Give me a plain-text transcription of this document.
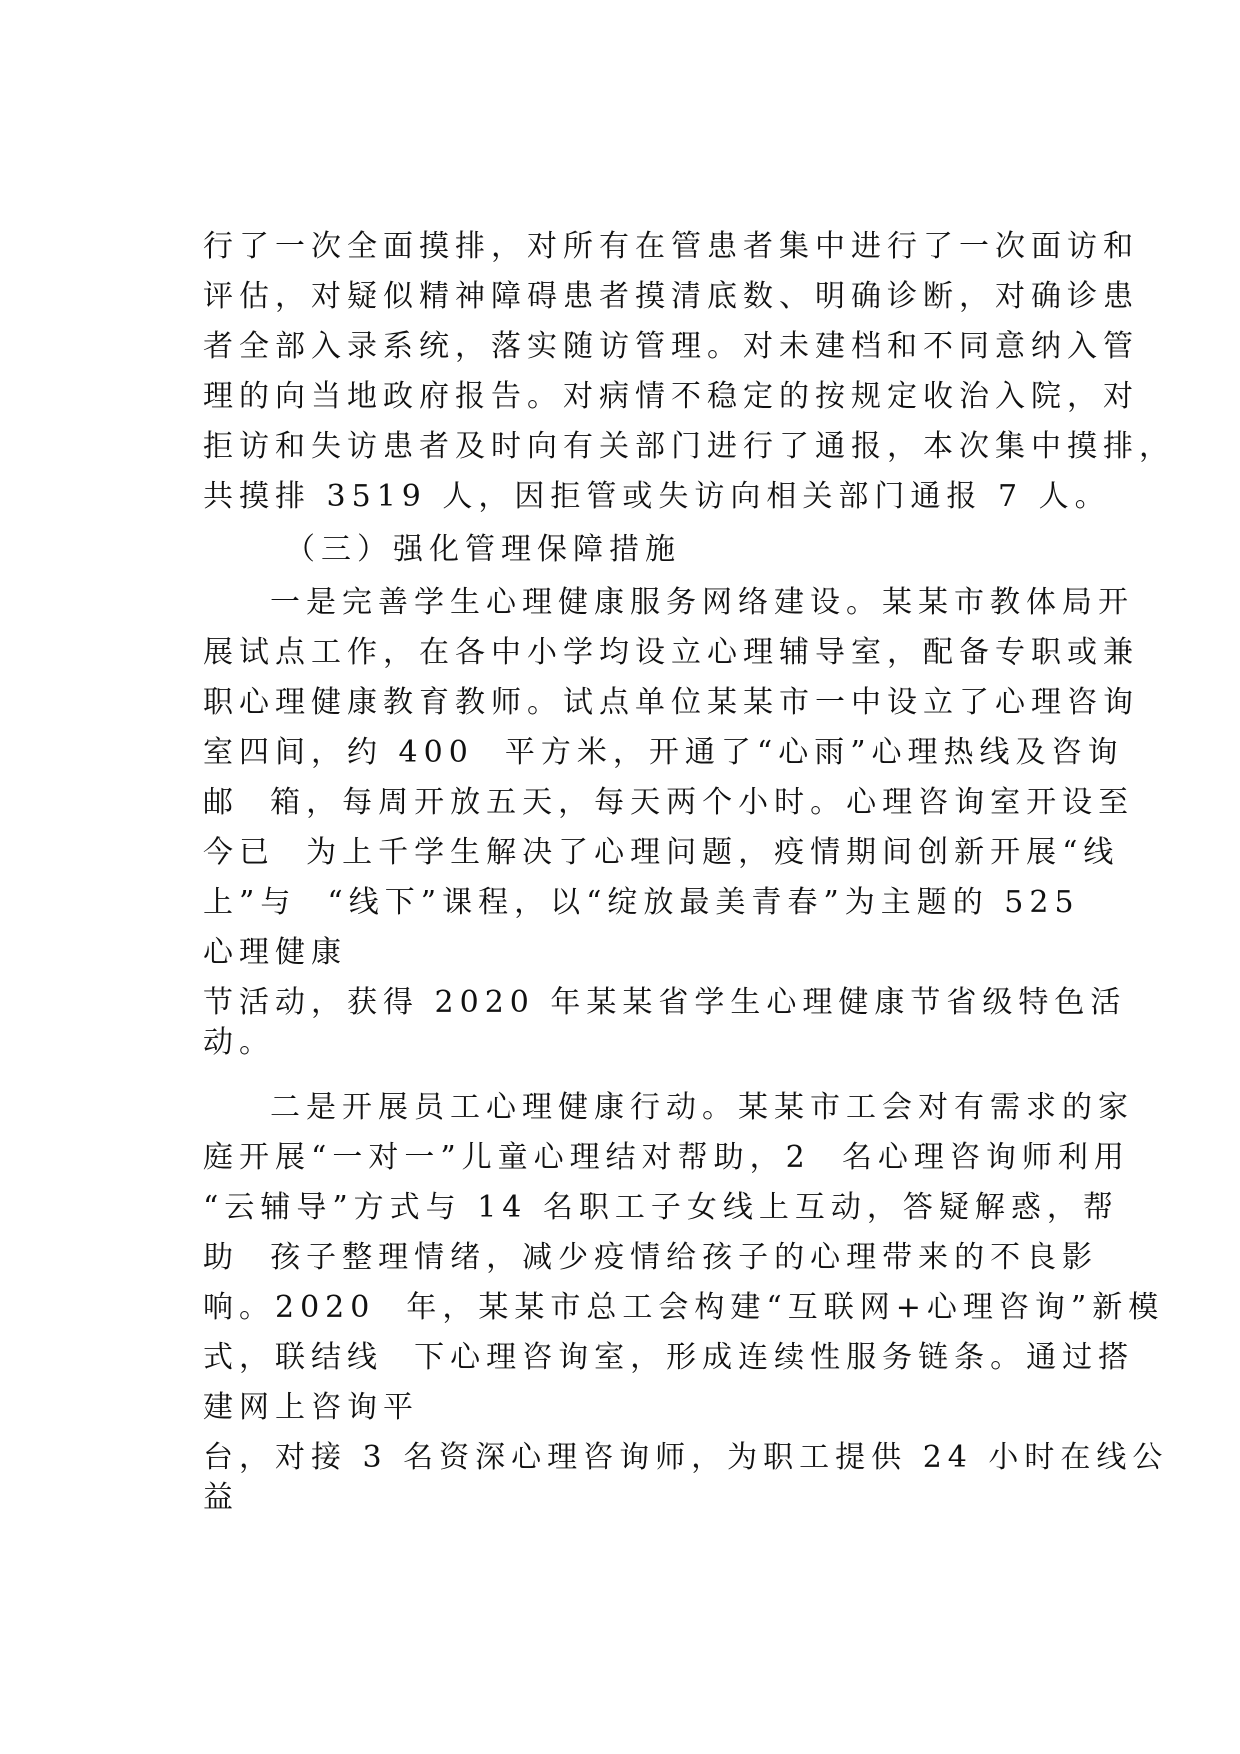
行了一次全面摸排，对所有在管患者集中进行了一次面访和

评估，对疑似精神障碍患者摸清底数、明确诊断，对确诊患

者全部入录系统，落实随访管理。对未建档和不同意纳入管

理的向当地政府报告。对病情不稳定的按规定收治入院，对

拒访和失访患者及时向有关部门进行了通报，本次集中摸排，

共摸排 3519 人，因拒管或失访向相关部门通报 7 人。

（三）强化管理保障措施

一是完善学生心理健康服务网络建设。某某市教体局开

展试点工作，在各中小学均设立心理辅导室，配备专职或兼

职心理健康教育教师。试点单位某某市一中设立了心理咨询

室四间，约 400  平方米，开通了“心雨”心理热线及咨询

邮  箱，每周开放五天，每天两个小时。心理咨询室开设至

今已  为上千学生解决了心理问题，疫情期间创新开展“线

上”与  “线下”课程，以“绽放最美青春”为主题的 525

心理健康

节活动，获得 2020 年某某省学生心理健康节省级特色活

动。

二是开展员工心理健康行动。某某市工会对有需求的家

庭开展“一对一”儿童心理结对帮助，2  名心理咨询师利用

“云辅导”方式与 14 名职工子女线上互动，答疑解惑，帮

助  孩子整理情绪，减少疫情给孩子的心理带来的不良影

响。2020  年，某某市总工会构建“互联网+心理咨询”新模

式，联结线  下心理咨询室，形成连续性服务链条。通过搭

建网上咨询平

台，对接 3 名资深心理咨询师，为职工提供 24 小时在线公

益
